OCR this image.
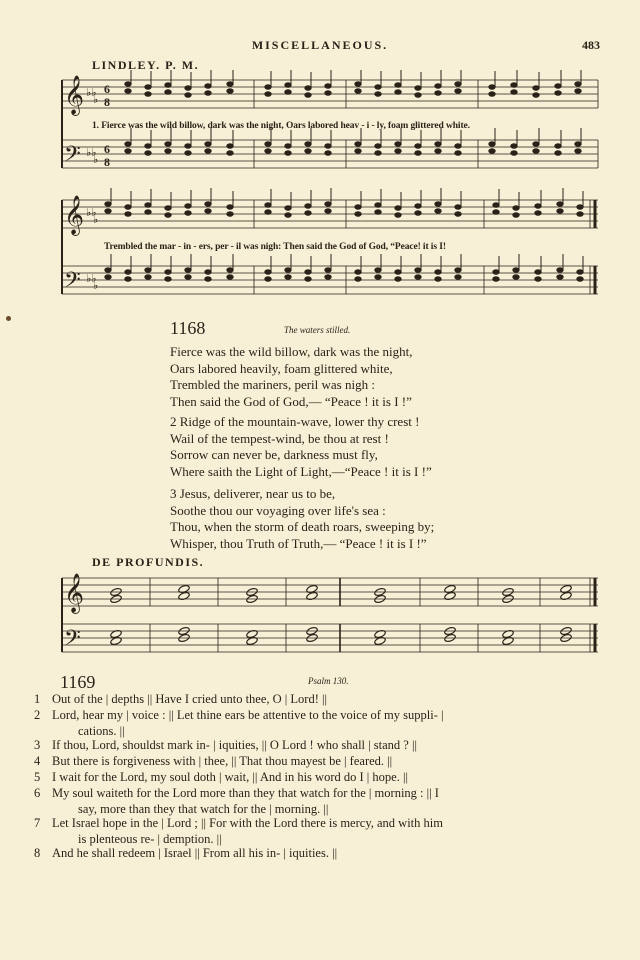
MISCELLANEOUS.	483
LINDLEY. P. M.
𝄞
𝄢
♭♭
♭
♭♭
♭
6
8
6
8
1. Fierce was the wild billow, dark was the night, Oars labored heav - i - ly, foam glittered white.
𝄞
𝄢
♭♭
♭
♭♭
♭
Trembled the mar - in - ers, per - il was nigh: Then said the God of God, “Peace! it is I!
1168	The waters stilled.
Fierce was the wild billow, dark was the night,
Oars labored heavily, foam glittered white,
Trembled the mariners, peril was nigh :
Then said the God of God,— “Peace ! it is I !”
2 Ridge of the mountain-wave, lower thy crest !
Wail of the tempest-wind, be thou at rest !
Sorrow can never be, darkness must fly,
Where saith the Light of Light,—“Peace ! it is I !”
3 Jesus, deliverer, near us to be,
Soothe thou our voyaging over life's sea :
Thou, when the storm of death roars, sweeping by;
Whisper, thou Truth of Truth,— “Peace ! it is I !”
DE PROFUNDIS.
𝄞
𝄢
1169	Psalm 130.
1 Out of the | depths || Have I cried unto thee, O | Lord! ||
2 Lord, hear my | voice : || Let thine ears be attentive to the voice of my suppli- |
cations. ||
3 If thou, Lord, shouldst mark in- | iquities, || O Lord ! who shall | stand ? ||
4 But there is forgiveness with | thee, || That thou mayest be | feared. ||
5 I wait for the Lord, my soul doth | wait, || And in his word do I | hope. ||
6 My soul waiteth for the Lord more than they that watch for the | morning : || I
say, more than they that watch for the | morning. ||
7 Let Israel hope in the | Lord ; || For with the Lord there is mercy, and with him
is plenteous re- | demption. ||
8 And he shall redeem | Israel || From all his in- | iquities. ||
